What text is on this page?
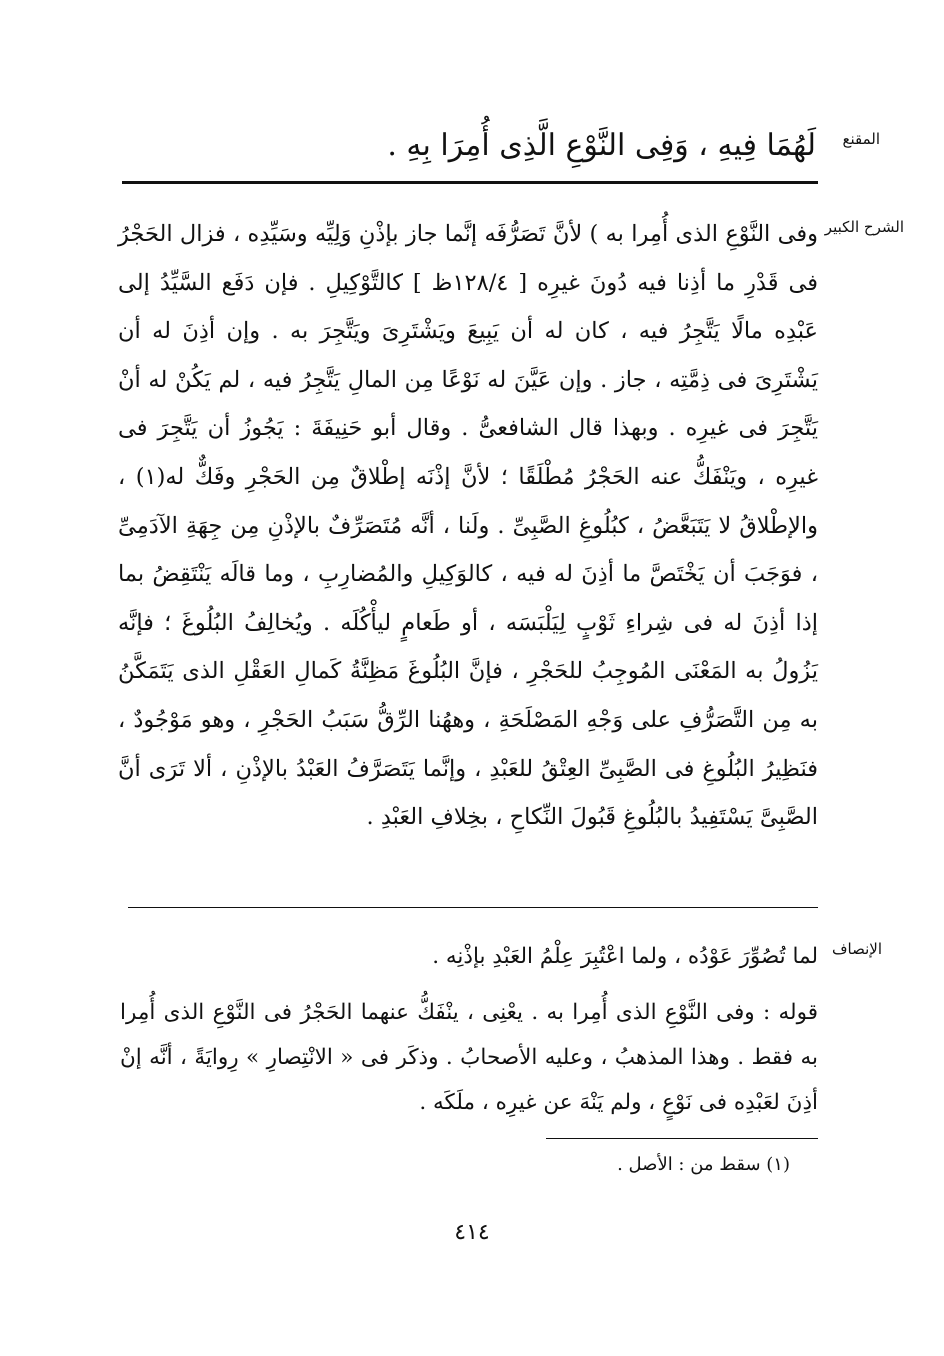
المقنع
لَهُمَا فِيهِ ، وَفِى النَّوْعِ الَّذِى أُمِرَا بِهِ .
الشرح الكبير
وفى النَّوْعِ الذى أُمِرا به ) لأنَّ تَصَرُّفَه إنَّما جاز بإذْنِ وَلِيِّه وسَيِّدِه ، فزال الحَجْرُ فى قَدْرِ ما أذِنا فيه دُونَ غيرِه [ ١٢٨/٤ظ ] كالتَّوْكِيلِ . فإن دَفَع السَّيِّدُ إلى عَبْدِه مالًا يَتَّجِرُ فيه ، كان له أن يَبِيعَ ويَشْتَرِىَ ويَتَّجِرَ به . وإن أذِنَ له أن يَشْتَرِىَ فى ذِمَّتِه ، جاز . وإن عَيَّنَ له نَوْعًا مِن المالِ يَتَّجِرُ فيه ، لم يَكُنْ له أنْ يَتَّجِرَ فى غيرِه . وبهذا قال الشافعىُّ . وقال أبو حَنِيفَةَ : يَجُوزُ أن يَتَّجِرَ فى غيرِه ، ويَنْفَكُّ عنه الحَجْرُ مُطْلَقًا ؛ لأنَّ إذْنَه إطْلاقٌ مِن الحَجْرِ وفَكٌّ له(١) ، والإطْلاقُ لا يَتَبَعَّضُ ، كبُلُوغِ الصَّبِىِّ . ولَنا ، أنَّه مُتَصَرِّفٌ بالإذْنِ مِن جِهَةِ الآدَمِىِّ ، فوَجَبَ أن يَخْتَصَّ ما أذِنَ له فيه ، كالوَكِيلِ والمُضارِبِ ، وما قالَه يَنْتَقِضُ بما إذا أذِنَ له فى شِراءِ ثَوْبٍ لِيَلْبَسَه ، أو طَعامٍ ليأْكُلَه . ويُخالِفُ البُلُوغَ ؛ فإنَّه يَزُولُ به المَعْنَى المُوجِبُ للحَجْرِ ، فإنَّ البُلُوغَ مَظِنَّةُ كَمالِ العَقْلِ الذى يَتَمَكَّنُ به مِن التَّصَرُّفِ على وَجْهِ المَصْلَحَةِ ، وههُنا الرِّقُّ سَبَبُ الحَجْرِ ، وهو مَوْجُودٌ ، فنَظِيرُ البُلُوغِ فى الصَّبِىِّ العِتْقُ للعَبْدِ ، وإنَّما يَتَصَرَّفُ العَبْدُ بالإذْنِ ، ألا تَرَى أنَّ الصَّبِىَّ يَسْتَفِيدُ بالبُلُوغِ قَبُولَ النِّكاحِ ، بخِلافِ العَبْدِ .
الإنصاف
لما تُصُوِّرَ عَوْدُه ، ولما اعْتُبِرَ عِلْمُ العَبْدِ بإذْنِه .
قوله : وفى النَّوْعِ الذى أُمِرا به . يعْنِى ، ينْفَكُّ عنهما الحَجْرُ فى النَّوْعِ الذى أُمِرا به فقط . وهذا المذهبُ ، وعليه الأصحابُ . وذكَر فى « الانْتِصارِ » رِوايَةً ، أنَّه إنْ أذِنَ لعَبْدِه فى نَوْعٍ ، ولم يَنْهَ عن غيرِه ، ملَكَه .
(١) سقط من : الأصل .
٤١٤
